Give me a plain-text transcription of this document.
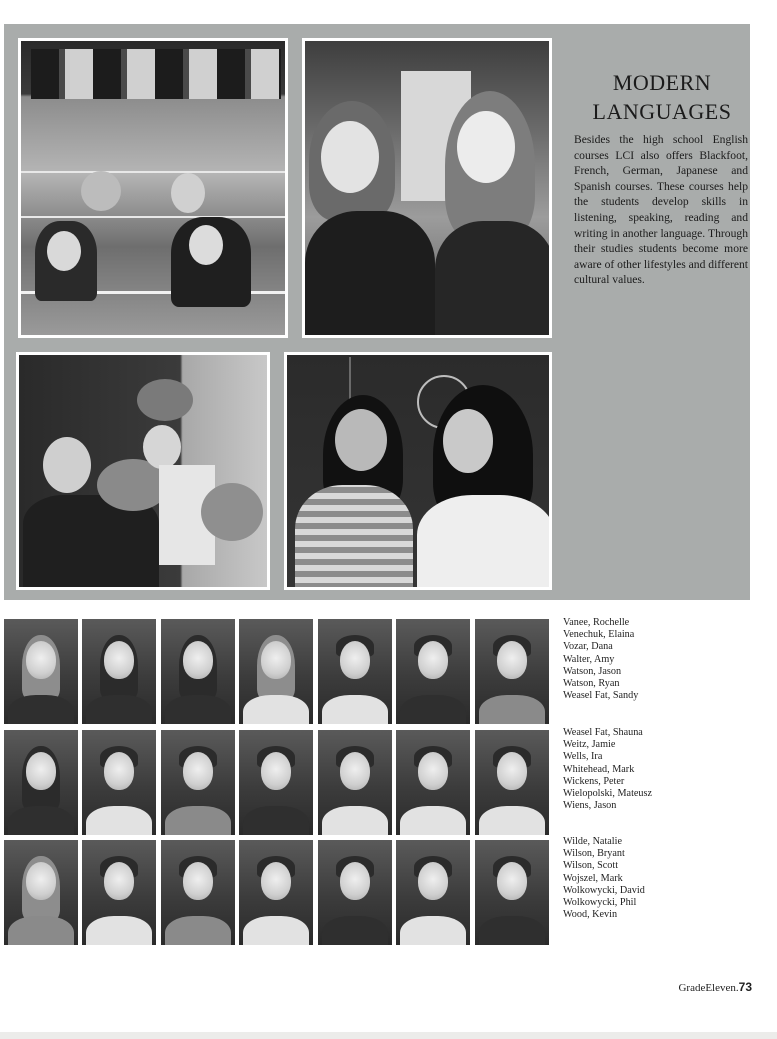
MODERN
LANGUAGES
Besides the high school English courses LCI also offers Blackfoot, French, German, Japanese and Spanish courses. These courses help the students develop skills in listening, speaking, reading and writing in another language. Through their studies students become more aware of other lifestyles and different cultural values.
Vanee, Rochelle
Venechuk, Elaina
Vozar, Dana
Walter, Amy
Watson, Jason
Watson, Ryan
Weasel Fat, Sandy
Weasel Fat, Shauna
Weitz, Jamie
Wells, Ira
Whitehead, Mark
Wickens, Peter
Wielopolski, Mateusz
Wiens, Jason
Wilde, Natalie
Wilson, Bryant
Wilson, Scott
Wojszel, Mark
Wolkowycki, David
Wolkowycki, Phil
Wood, Kevin
GradeEleven.73
